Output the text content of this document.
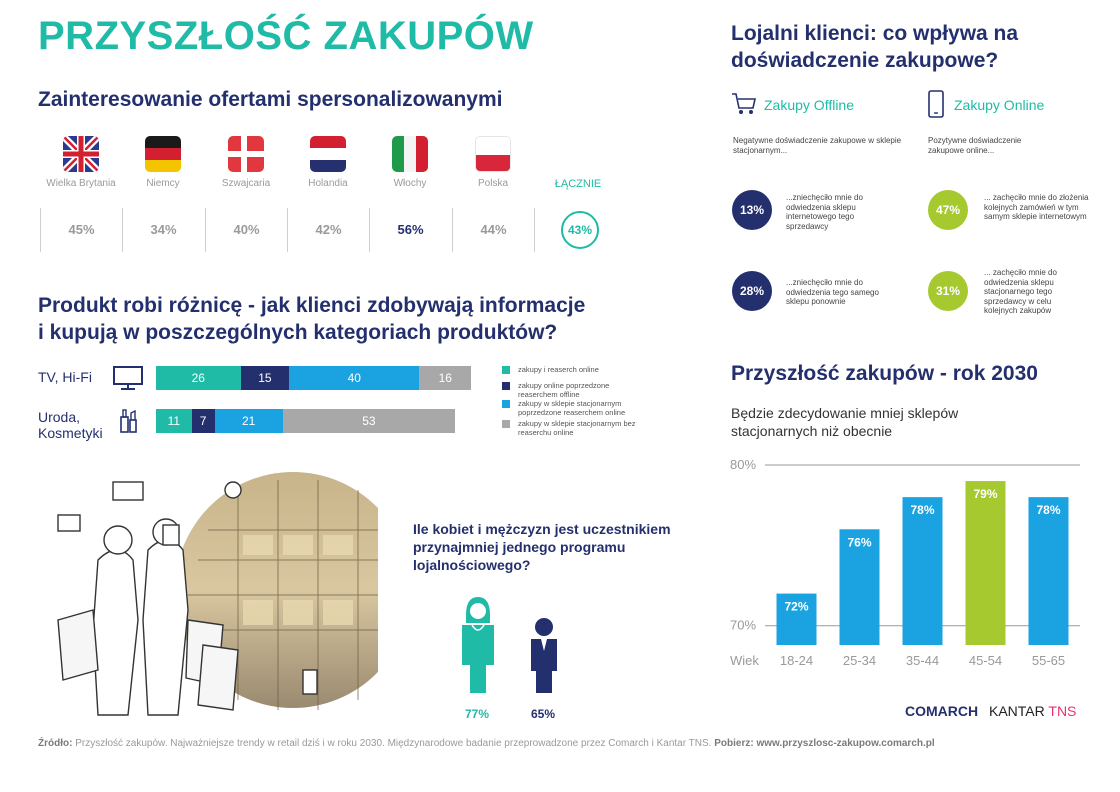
PRZYSZŁOŚĆ ZAKUPÓW
Zainteresowanie ofertami spersonalizowanymi
Wielka Brytania	Niemcy	Szwajcaria	Holandia	Włochy	Polska	ŁĄCZNIE
45%	34%	40%	42%	56%	44%	43%
Produkt robi różnicę - jak klienci zdobywają informacje
i kupują w poszczególnych kategoriach produktów?
TV, Hi-Fi	26	15	40	16
Uroda,
Kosmetyki
11	7	21	53
zakupy i reaserch online
zakupy online poprzedzone reaserchem offline
zakupy w sklepie stacjonarnym poprzedzone reaserchem online
zakupy w sklepie stacjonarnym bez reaserchu online
Ile kobiet i mężczyzn jest uczestnikiem przynajmniej jednego programu lojalnościowego?
77%	65%
Lojalni klienci: co wpływa na doświadczenie zakupowe?
Zakupy Offline	Zakupy Online
Negatywne doświadczenie zakupowe w sklepie stacjonarnym...
Pozytywne doświadczenie zakupowe online...
13%
...zniechęciło mnie do odwiedzenia sklepu internetowego tego sprzedawcy
47%
... zachęciło mnie do złożenia kolejnych zamówień w tym samym sklepie internetowym
28%
...zniechęciło mnie do odwiedzenia tego samego sklepu ponownie
31%
... zachęciło mnie do odwiedzenia sklepu stacjonarnego tego sprzedawcy w celu kolejnych zakupów
Przyszłość zakupów - rok 2030
Będzie zdecydowanie mniej sklepów stacjonarnych niż obecnie
70%
80%
72%
18-24
76%
25-34
78%
35-44
79%
45-54
78%
55-65
Wiek
Źródło: Przyszłość zakupów. Najważniejsze trendy w retail dziś i w roku 2030. Międzynarodowe badanie przeprowadzone przez Comarch i Kantar TNS. Pobierz: www.przyszlosc-zakupow.comarch.pl
COMARCH KANTAR TNS
